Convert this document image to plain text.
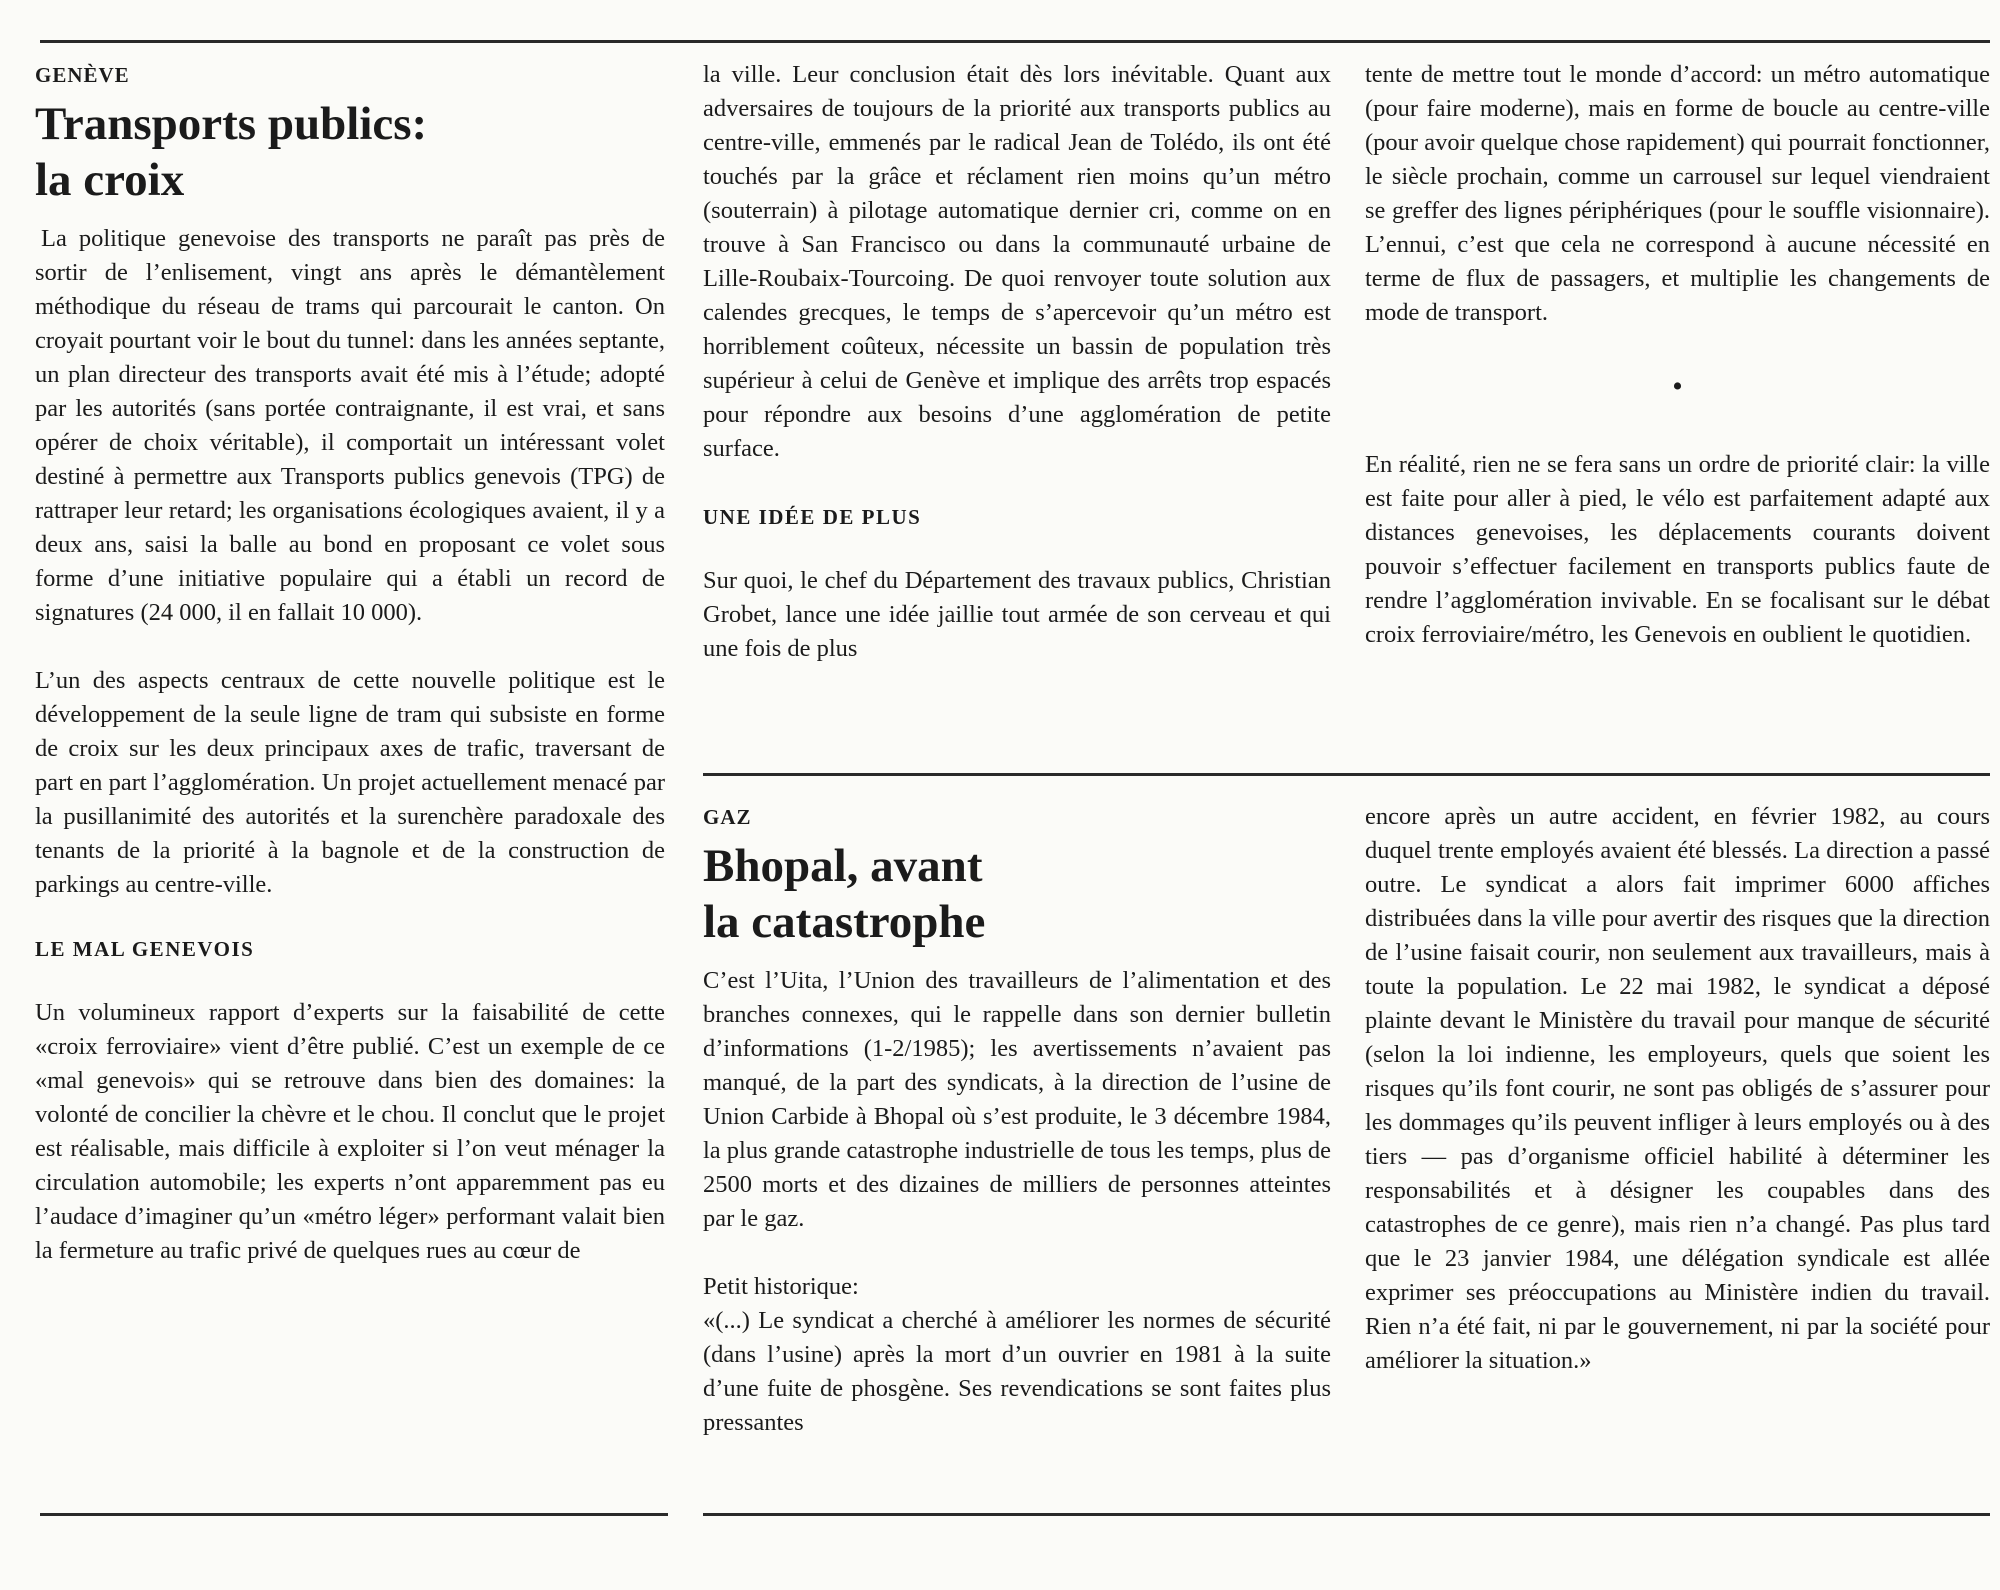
GENÈVE

Transports publics:
la croix

La politique genevoise des transports ne paraît pas près de sortir de l’enlisement, vingt ans après le démantèlement méthodique du réseau de trams qui parcourait le canton. On croyait pourtant voir le bout du tunnel: dans les années septante, un plan directeur des transports avait été mis à l’étude; adopté par les autorités (sans portée contraignante, il est vrai, et sans opérer de choix véritable), il comportait un intéressant volet destiné à permettre aux Transports publics genevois (TPG) de rattraper leur retard; les organisations écologiques avaient, il y a deux ans, saisi la balle au bond en proposant ce volet sous forme d’une initiative populaire qui a établi un record de signatures (24 000, il en fallait 10 000).

L’un des aspects centraux de cette nouvelle politique est le développement de la seule ligne de tram qui subsiste en forme de croix sur les deux principaux axes de trafic, traversant de part en part l’agglomération. Un projet actuellement menacé par la pusillanimité des autorités et la surenchère paradoxale des tenants de la priorité à la bagnole et de la construction de parkings au centre-ville.

LE MAL GENEVOIS

Un volumineux rapport d’experts sur la faisabilité de cette «croix ferroviaire» vient d’être publié. C’est un exemple de ce «mal genevois» qui se retrouve dans bien des domaines: la volonté de concilier la chèvre et le chou. Il conclut que le projet est réalisable, mais difficile à exploiter si l’on veut ménager la circulation automobile; les experts n’ont apparemment pas eu l’audace d’imaginer qu’un «métro léger» performant valait bien la fermeture au trafic privé de quelques rues au cœur de

la ville. Leur conclusion était dès lors inévitable. Quant aux adversaires de toujours de la priorité aux transports publics au centre-ville, emmenés par le radical Jean de Tolédo, ils ont été touchés par la grâce et réclament rien moins qu’un métro (souterrain) à pilotage automatique dernier cri, comme on en trouve à San Francisco ou dans la communauté urbaine de Lille-Roubaix-Tourcoing. De quoi renvoyer toute solution aux calendes grecques, le temps de s’apercevoir qu’un métro est horriblement coûteux, nécessite un bassin de population très supérieur à celui de Genève et implique des arrêts trop espacés pour répondre aux besoins d’une agglomération de petite surface.

UNE IDÉE DE PLUS

Sur quoi, le chef du Département des travaux publics, Christian Grobet, lance une idée jaillie tout armée de son cerveau et qui une fois de plus

tente de mettre tout le monde d’accord: un métro automatique (pour faire moderne), mais en forme de boucle au centre-ville (pour avoir quelque chose rapidement) qui pourrait fonctionner, le siècle prochain, comme un carrousel sur lequel viendraient se greffer des lignes périphériques (pour le souffle visionnaire). L’ennui, c’est que cela ne correspond à aucune nécessité en terme de flux de passagers, et multiplie les changements de mode de transport.

•

En réalité, rien ne se fera sans un ordre de priorité clair: la ville est faite pour aller à pied, le vélo est parfaitement adapté aux distances genevoises, les déplacements courants doivent pouvoir s’effectuer facilement en transports publics faute de rendre l’agglomération invivable. En se focalisant sur le débat croix ferroviaire/métro, les Genevois en oublient le quotidien.

GAZ

Bhopal, avant
la catastrophe

C’est l’Uita, l’Union des travailleurs de l’alimentation et des branches connexes, qui le rappelle dans son dernier bulletin d’informations (1-2/1985); les avertissements n’avaient pas manqué, de la part des syndicats, à la direction de l’usine de Union Carbide à Bhopal où s’est produite, le 3 décembre 1984, la plus grande catastrophe industrielle de tous les temps, plus de 2500 morts et des dizaines de milliers de personnes atteintes par le gaz.

Petit historique:

«(...) Le syndicat a cherché à améliorer les normes de sécurité (dans l’usine) après la mort d’un ouvrier en 1981 à la suite d’une fuite de phosgène. Ses revendications se sont faites plus pressantes

encore après un autre accident, en février 1982, au cours duquel trente employés avaient été blessés. La direction a passé outre. Le syndicat a alors fait imprimer 6000 affiches distribuées dans la ville pour avertir des risques que la direction de l’usine faisait courir, non seulement aux travailleurs, mais à toute la population. Le 22 mai 1982, le syndicat a déposé plainte devant le Ministère du travail pour manque de sécurité (selon la loi indienne, les employeurs, quels que soient les risques qu’ils font courir, ne sont pas obligés de s’assurer pour les dommages qu’ils peuvent infliger à leurs employés ou à des tiers — pas d’organisme officiel habilité à déterminer les responsabilités et à désigner les coupables dans des catastrophes de ce genre), mais rien n’a changé. Pas plus tard que le 23 janvier 1984, une délégation syndicale est allée exprimer ses préoccupations au Ministère indien du travail. Rien n’a été fait, ni par le gouvernement, ni par la société pour améliorer la situation.»
